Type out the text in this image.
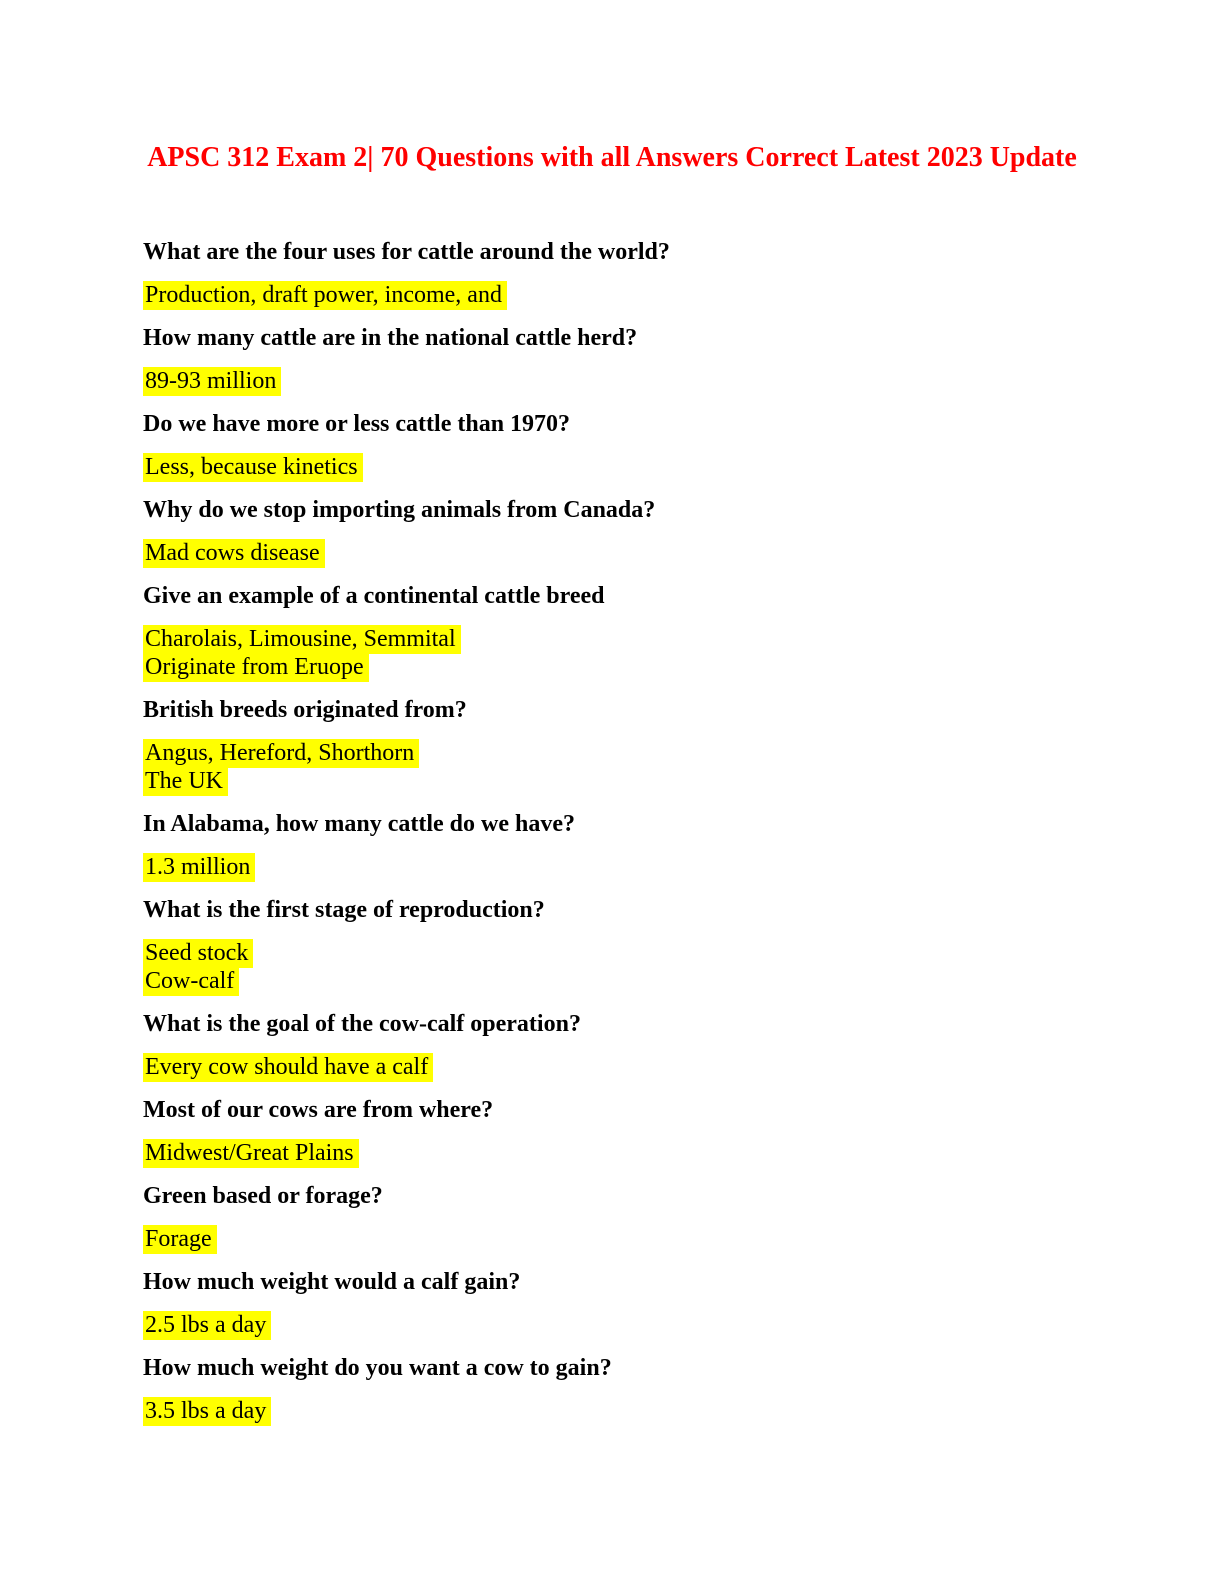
APSC 312 Exam 2| 70 Questions with all Answers Correct Latest 2023 Update

What are the four uses for cattle around the world?

Production, draft power, income, and

How many cattle are in the national cattle herd?

89-93 million

Do we have more or less cattle than 1970?

Less, because kinetics

Why do we stop importing animals from Canada?

Mad cows disease

Give an example of a continental cattle breed

Charolais, Limousine, Semmital
Originate from Eruope

British breeds originated from?

Angus, Hereford, Shorthorn
The UK

In Alabama, how many cattle do we have?

1.3 million

What is the first stage of reproduction?

Seed stock
Cow-calf

What is the goal of the cow-calf operation?

Every cow should have a calf

Most of our cows are from where?

Midwest/Great Plains

Green based or forage?

Forage

How much weight would a calf gain?

2.5 lbs a day

How much weight do you want a cow to gain?

3.5 lbs a day
